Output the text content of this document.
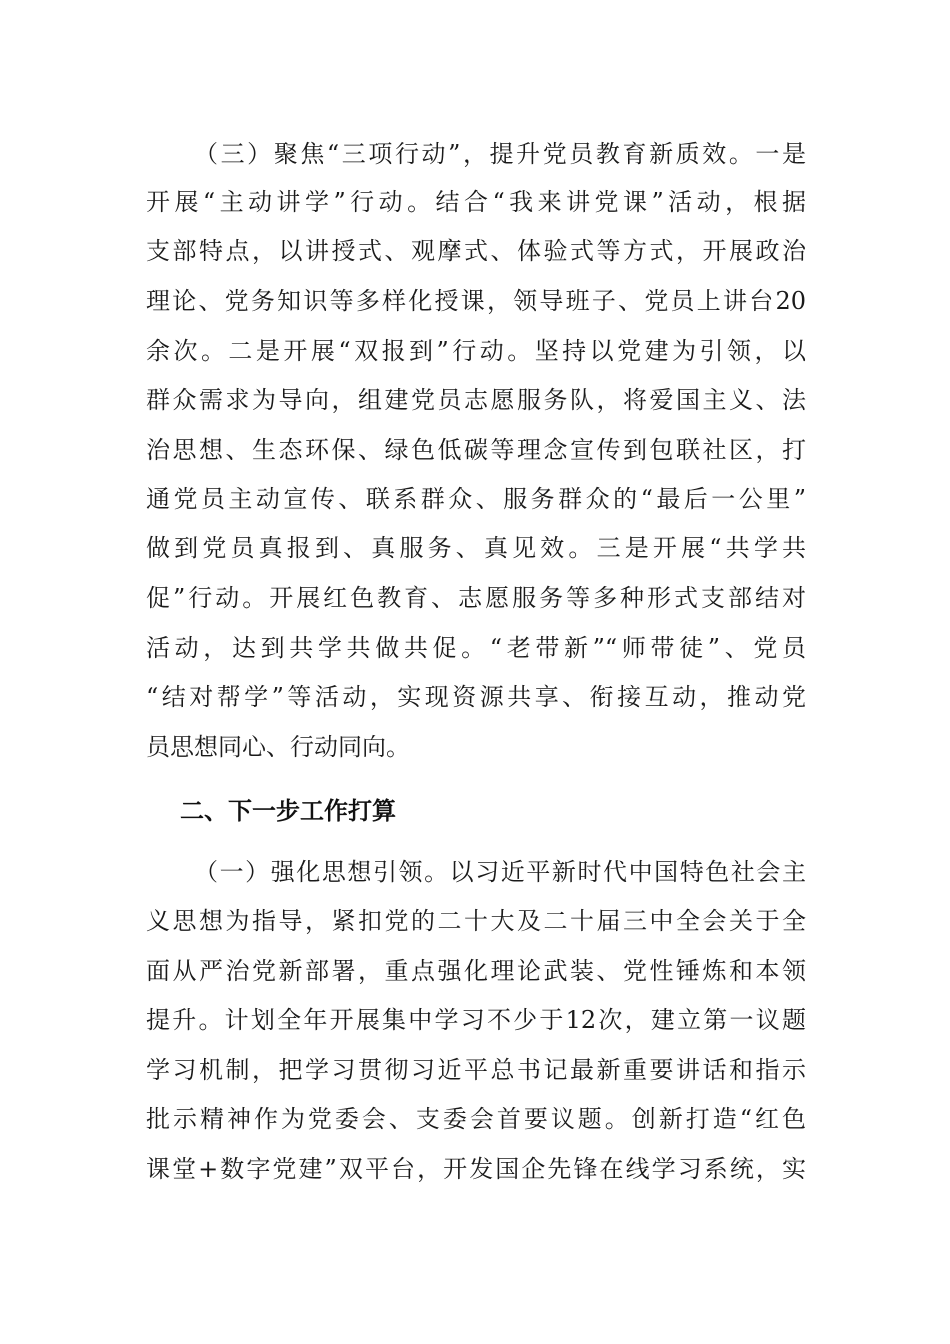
（三）聚焦“三项行动”，提升党员教育新质效。一是
开展“主动讲学”行动。结合“我来讲党课”活动，根据
支部特点，以讲授式、观摩式、体验式等方式，开展政治
理论、党务知识等多样化授课，领导班子、党员上讲台20
余次。二是开展“双报到”行动。坚持以党建为引领，以
群众需求为导向，组建党员志愿服务队，将爱国主义、法
治思想、生态环保、绿色低碳等理念宣传到包联社区，打
通党员主动宣传、联系群众、服务群众的“最后一公里”
做到党员真报到、真服务、真见效。三是开展“共学共
促”行动。开展红色教育、志愿服务等多种形式支部结对
活动，达到共学共做共促。“老带新”“师带徒”、党员
“结对帮学”等活动，实现资源共享、衔接互动，推动党
员思想同心、行动同向。
二、下一步工作打算
（一）强化思想引领。以习近平新时代中国特色社会主
义思想为指导，紧扣党的二十大及二十届三中全会关于全
面从严治党新部署，重点强化理论武装、党性锤炼和本领
提升。计划全年开展集中学习不少于12次，建立第一议题
学习机制，把学习贯彻习近平总书记最新重要讲话和指示
批示精神作为党委会、支委会首要议题。创新打造“红色
课堂+数字党建”双平台，开发国企先锋在线学习系统，实
